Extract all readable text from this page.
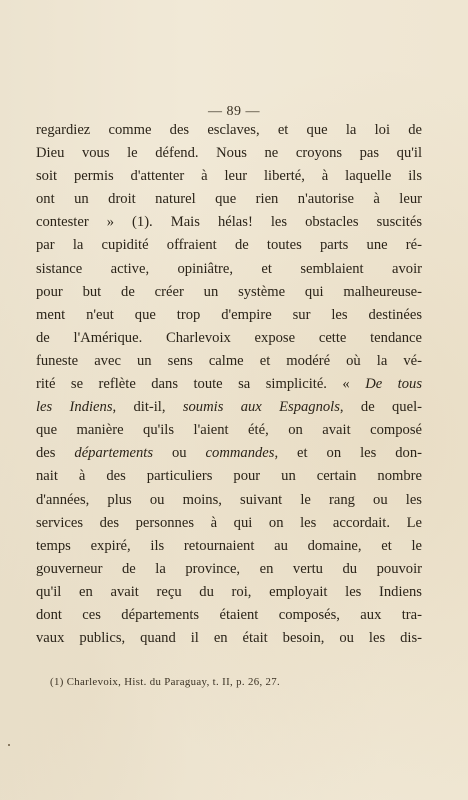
— 89 —
regardiez comme des esclaves, et que la loi de
Dieu vous le défend. Nous ne croyons pas qu'il
soit permis d'attenter à leur liberté, à laquelle ils
ont un droit naturel que rien n'autorise à leur
contester » (1). Mais hélas! les obstacles suscités
par la cupidité offraient de toutes parts une ré-
sistance active, opiniâtre, et semblaient avoir
pour but de créer un système qui malheureuse-
ment n'eut que trop d'empire sur les destinées
de l'Amérique. Charlevoix expose cette tendance
funeste avec un sens calme et modéré où la vé-
rité se reflète dans toute sa simplicité. « De tous
les Indiens, dit-il, soumis aux Espagnols, de quel-
que manière qu'ils l'aient été, on avait composé
des départements ou commandes, et on les don-
nait à des particuliers pour un certain nombre
d'années, plus ou moins, suivant le rang ou les
services des personnes à qui on les accordait. Le
temps expiré, ils retournaient au domaine, et le
gouverneur de la province, en vertu du pouvoir
qu'il en avait reçu du roi, employait les Indiens
dont ces départements étaient composés, aux tra-
vaux publics, quand il en était besoin, ou les dis-
(1) Charlevoix, Hist. du Paraguay, t. II, p. 26, 27.
